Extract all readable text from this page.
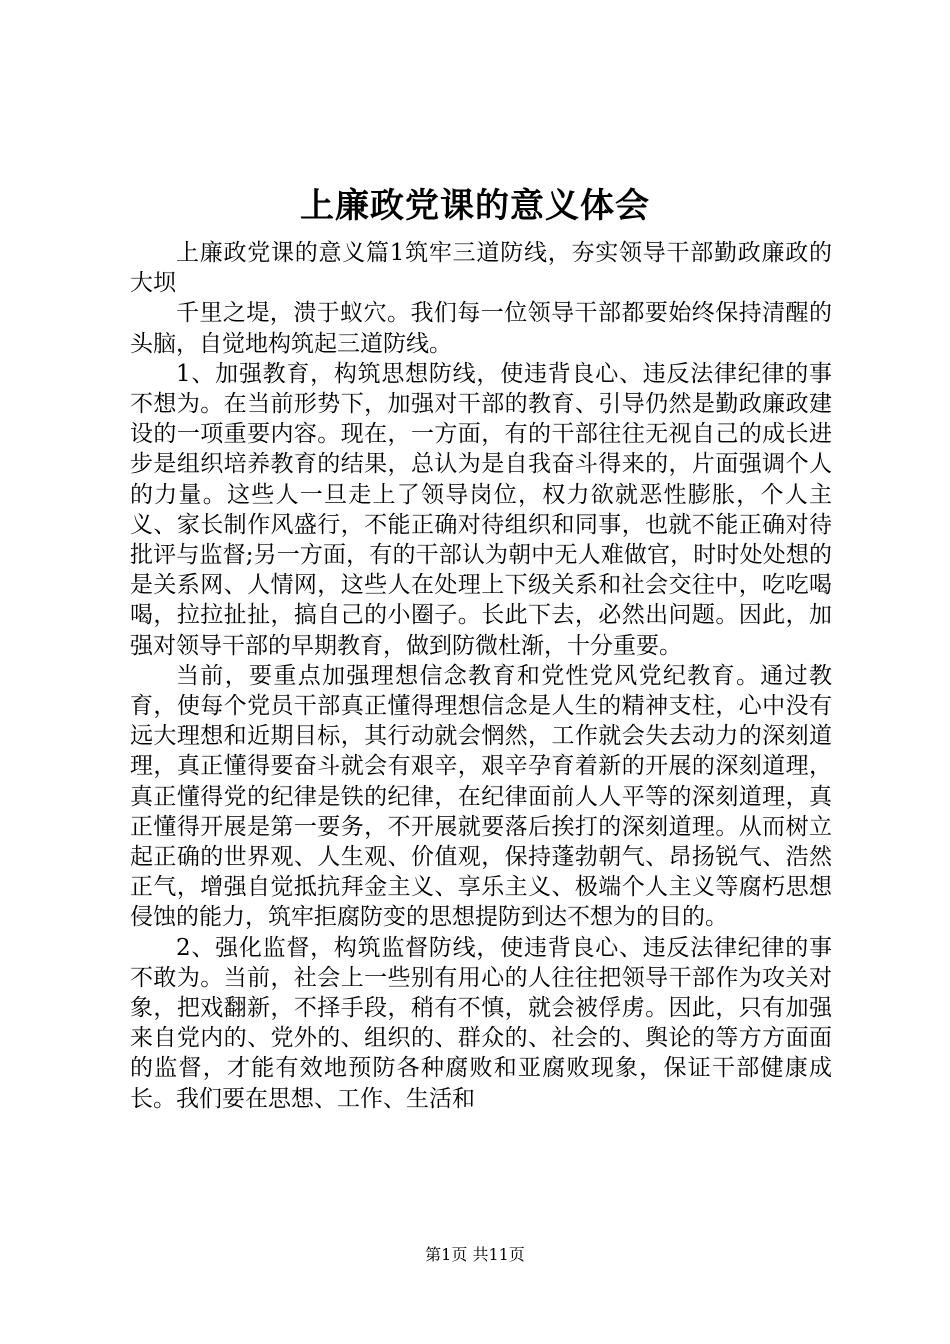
上廉政党课的意义体会

上廉政党课的意义篇1筑牢三道防线，夯实领导干部勤政廉政的大坝

千里之堤，溃于蚁穴。我们每一位领导干部都要始终保持清醒的头脑，自觉地构筑起三道防线。

1、加强教育，构筑思想防线，使违背良心、违反法律纪律的事不想为。在当前形势下，加强对干部的教育、引导仍然是勤政廉政建设的一项重要内容。现在，一方面，有的干部往往无视自己的成长进步是组织培养教育的结果，总认为是自我奋斗得来的，片面强调个人的力量。这些人一旦走上了领导岗位，权力欲就恶性膨胀，个人主义、家长制作风盛行，不能正确对待组织和同事，也就不能正确对待批评与监督;另一方面，有的干部认为朝中无人难做官，时时处处想的是关系网、人情网，这些人在处理上下级关系和社会交往中，吃吃喝喝，拉拉扯扯，搞自己的小圈子。长此下去，必然出问题。因此，加强对领导干部的早期教育，做到防微杜渐，十分重要。

当前，要重点加强理想信念教育和党性党风党纪教育。通过教育，使每个党员干部真正懂得理想信念是人生的精神支柱，心中没有远大理想和近期目标，其行动就会惘然，工作就会失去动力的深刻道理，真正懂得要奋斗就会有艰辛，艰辛孕育着新的开展的深刻道理，真正懂得党的纪律是铁的纪律，在纪律面前人人平等的深刻道理，真正懂得开展是第一要务，不开展就要落后挨打的深刻道理。从而树立起正确的世界观、人生观、价值观，保持蓬勃朝气、昂扬锐气、浩然正气，增强自觉抵抗拜金主义、享乐主义、极端个人主义等腐朽思想侵蚀的能力，筑牢拒腐防变的思想提防到达不想为的目的。

2、强化监督，构筑监督防线，使违背良心、违反法律纪律的事不敢为。当前，社会上一些别有用心的人往往把领导干部作为攻关对象，把戏翻新，不择手段，稍有不慎，就会被俘虏。因此，只有加强来自党内的、党外的、组织的、群众的、社会的、舆论的等方方面面的监督，才能有效地预防各种腐败和亚腐败现象，保证干部健康成长。我们要在思想、工作、生活和

第1页 共11页
